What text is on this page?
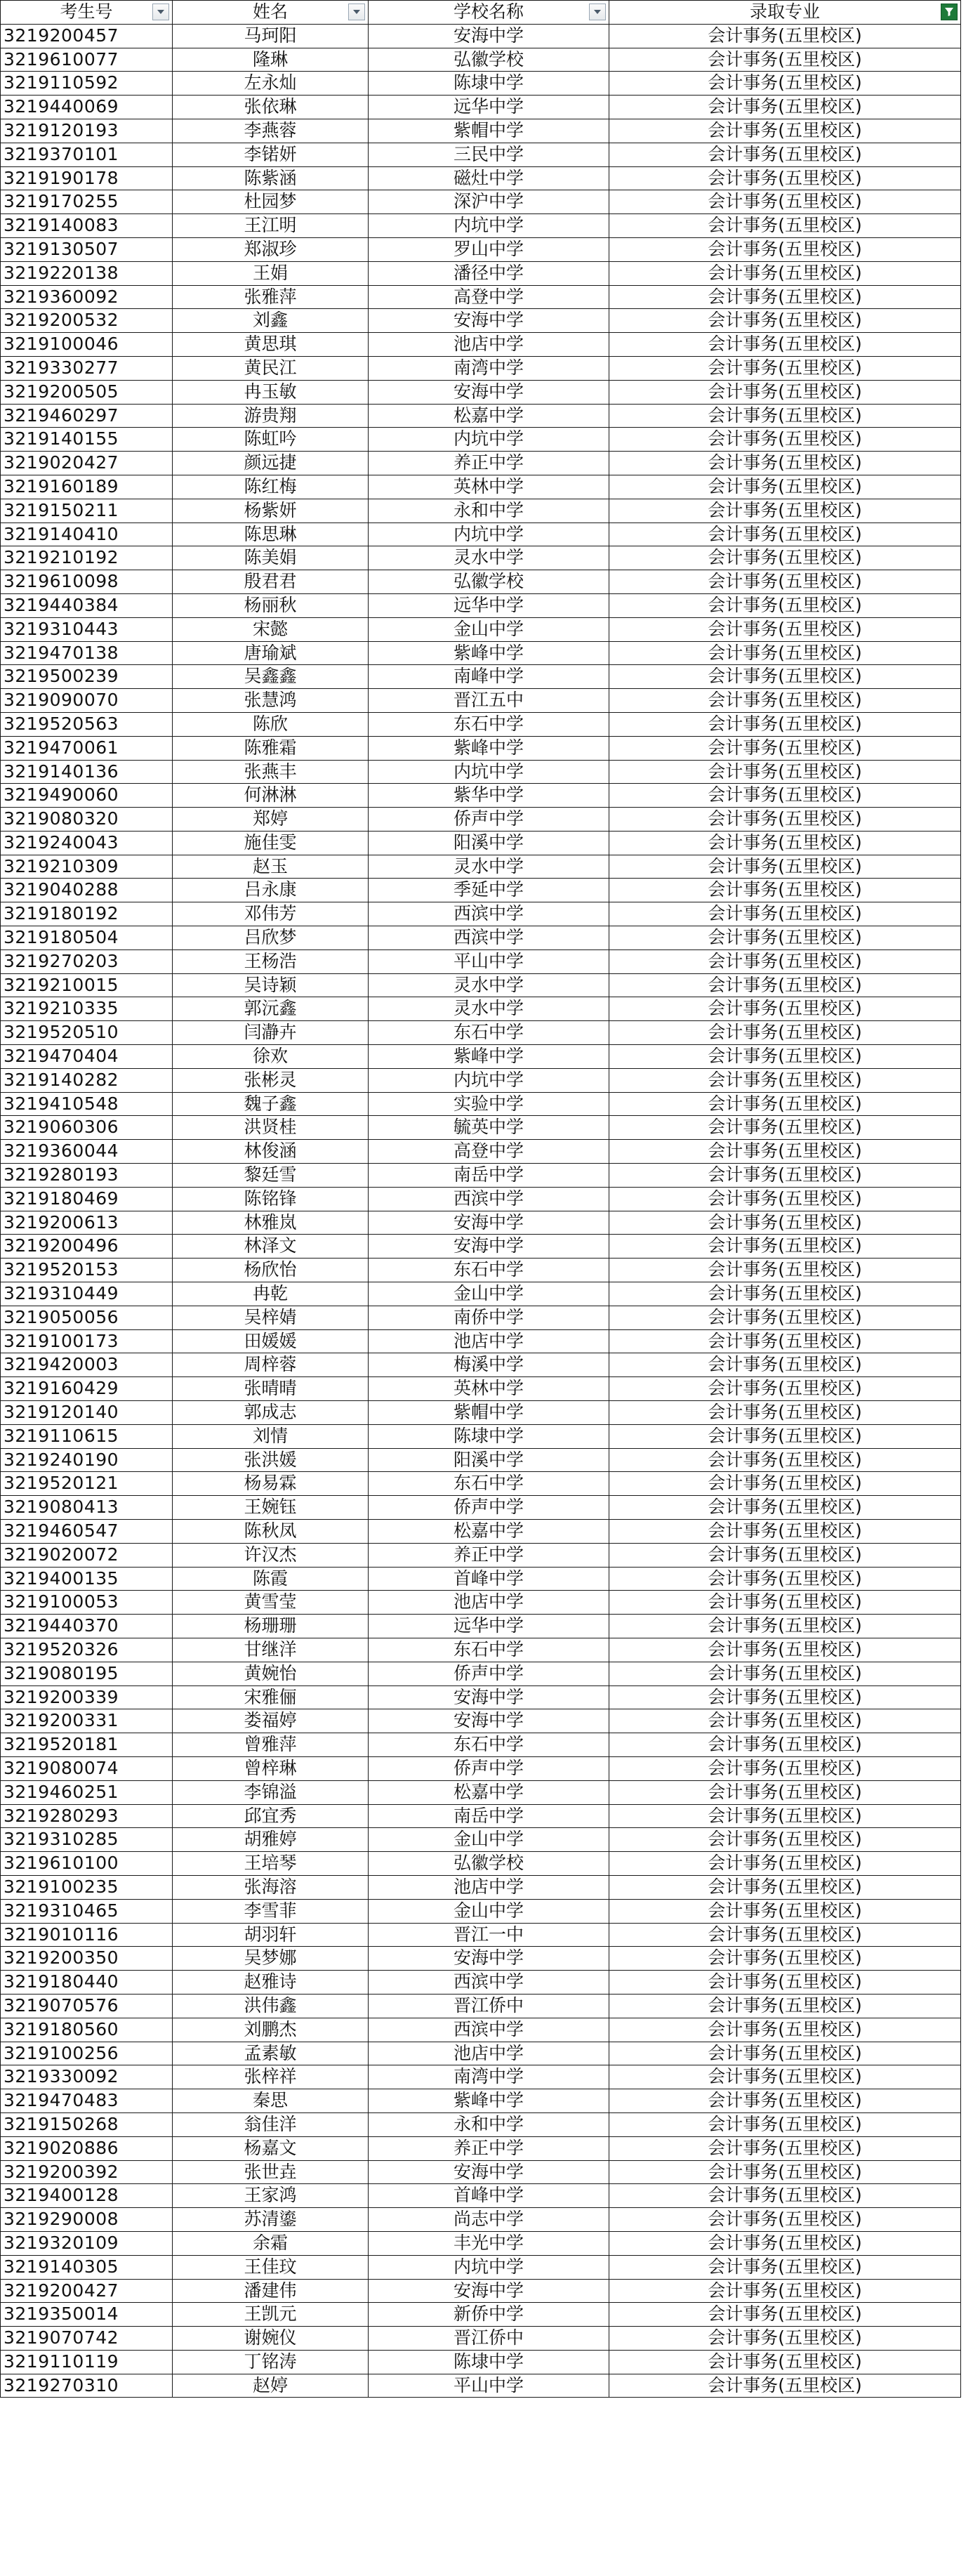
考生号	姓名	学校名称	录取专业

3219200457	马珂阳	安海中学	会计事务(五里校区)
3219610077	隆琳	弘徽学校	会计事务(五里校区)
3219110592	左永灿	陈埭中学	会计事务(五里校区)
3219440069	张依琳	远华中学	会计事务(五里校区)
3219120193	李燕蓉	紫帽中学	会计事务(五里校区)
3219370101	李锘妍	三民中学	会计事务(五里校区)
3219190178	陈紫涵	磁灶中学	会计事务(五里校区)
3219170255	杜园梦	深沪中学	会计事务(五里校区)
3219140083	王江明	内坑中学	会计事务(五里校区)
3219130507	郑淑珍	罗山中学	会计事务(五里校区)
3219220138	王娟	潘径中学	会计事务(五里校区)
3219360092	张雅萍	高登中学	会计事务(五里校区)
3219200532	刘鑫	安海中学	会计事务(五里校区)
3219100046	黄思琪	池店中学	会计事务(五里校区)
3219330277	黄民江	南湾中学	会计事务(五里校区)
3219200505	冉玉敏	安海中学	会计事务(五里校区)
3219460297	游贵翔	松嘉中学	会计事务(五里校区)
3219140155	陈虹吟	内坑中学	会计事务(五里校区)
3219020427	颜远捷	养正中学	会计事务(五里校区)
3219160189	陈红梅	英林中学	会计事务(五里校区)
3219150211	杨紫妍	永和中学	会计事务(五里校区)
3219140410	陈思琳	内坑中学	会计事务(五里校区)
3219210192	陈美娟	灵水中学	会计事务(五里校区)
3219610098	殷君君	弘徽学校	会计事务(五里校区)
3219440384	杨丽秋	远华中学	会计事务(五里校区)
3219310443	宋懿	金山中学	会计事务(五里校区)
3219470138	唐瑜斌	紫峰中学	会计事务(五里校区)
3219500239	吴鑫鑫	南峰中学	会计事务(五里校区)
3219090070	张慧鸿	晋江五中	会计事务(五里校区)
3219520563	陈欣	东石中学	会计事务(五里校区)
3219470061	陈雅霜	紫峰中学	会计事务(五里校区)
3219140136	张燕丰	内坑中学	会计事务(五里校区)
3219490060	何淋淋	紫华中学	会计事务(五里校区)
3219080320	郑婷	侨声中学	会计事务(五里校区)
3219240043	施佳雯	阳溪中学	会计事务(五里校区)
3219210309	赵玉	灵水中学	会计事务(五里校区)
3219040288	吕永康	季延中学	会计事务(五里校区)
3219180192	邓伟芳	西滨中学	会计事务(五里校区)
3219180504	吕欣梦	西滨中学	会计事务(五里校区)
3219270203	王杨浩	平山中学	会计事务(五里校区)
3219210015	吴诗颖	灵水中学	会计事务(五里校区)
3219210335	郭沅鑫	灵水中学	会计事务(五里校区)
3219520510	闫瀞卉	东石中学	会计事务(五里校区)
3219470404	徐欢	紫峰中学	会计事务(五里校区)
3219140282	张彬灵	内坑中学	会计事务(五里校区)
3219410548	魏子鑫	实验中学	会计事务(五里校区)
3219060306	洪贤桂	毓英中学	会计事务(五里校区)
3219360044	林俊涵	高登中学	会计事务(五里校区)
3219280193	黎廷雪	南岳中学	会计事务(五里校区)
3219180469	陈铭锋	西滨中学	会计事务(五里校区)
3219200613	林雅岚	安海中学	会计事务(五里校区)
3219200496	林泽文	安海中学	会计事务(五里校区)
3219520153	杨欣怡	东石中学	会计事务(五里校区)
3219310449	冉乾	金山中学	会计事务(五里校区)
3219050056	吴梓婧	南侨中学	会计事务(五里校区)
3219100173	田媛媛	池店中学	会计事务(五里校区)
3219420003	周梓蓉	梅溪中学	会计事务(五里校区)
3219160429	张晴晴	英林中学	会计事务(五里校区)
3219120140	郭成志	紫帽中学	会计事务(五里校区)
3219110615	刘情	陈埭中学	会计事务(五里校区)
3219240190	张洪媛	阳溪中学	会计事务(五里校区)
3219520121	杨易霖	东石中学	会计事务(五里校区)
3219080413	王婉钰	侨声中学	会计事务(五里校区)
3219460547	陈秋凤	松嘉中学	会计事务(五里校区)
3219020072	许汉杰	养正中学	会计事务(五里校区)
3219400135	陈霞	首峰中学	会计事务(五里校区)
3219100053	黄雪莹	池店中学	会计事务(五里校区)
3219440370	杨珊珊	远华中学	会计事务(五里校区)
3219520326	甘继洋	东石中学	会计事务(五里校区)
3219080195	黄婉怡	侨声中学	会计事务(五里校区)
3219200339	宋雅俪	安海中学	会计事务(五里校区)
3219200331	娄福婷	安海中学	会计事务(五里校区)
3219520181	曾雅萍	东石中学	会计事务(五里校区)
3219080074	曾梓琳	侨声中学	会计事务(五里校区)
3219460251	李锦溢	松嘉中学	会计事务(五里校区)
3219280293	邱宜秀	南岳中学	会计事务(五里校区)
3219310285	胡雅婷	金山中学	会计事务(五里校区)
3219610100	王培琴	弘徽学校	会计事务(五里校区)
3219100235	张海溶	池店中学	会计事务(五里校区)
3219310465	李雪菲	金山中学	会计事务(五里校区)
3219010116	胡羽轩	晋江一中	会计事务(五里校区)
3219200350	吴梦娜	安海中学	会计事务(五里校区)
3219180440	赵雅诗	西滨中学	会计事务(五里校区)
3219070576	洪伟鑫	晋江侨中	会计事务(五里校区)
3219180560	刘鹏杰	西滨中学	会计事务(五里校区)
3219100256	孟素敏	池店中学	会计事务(五里校区)
3219330092	张梓祥	南湾中学	会计事务(五里校区)
3219470483	秦思	紫峰中学	会计事务(五里校区)
3219150268	翁佳洋	永和中学	会计事务(五里校区)
3219020886	杨嘉文	养正中学	会计事务(五里校区)
3219200392	张世垚	安海中学	会计事务(五里校区)
3219400128	王家鸿	首峰中学	会计事务(五里校区)
3219290008	苏清鎏	尚志中学	会计事务(五里校区)
3219320109	余霜	丰光中学	会计事务(五里校区)
3219140305	王佳玟	内坑中学	会计事务(五里校区)
3219200427	潘建伟	安海中学	会计事务(五里校区)
3219350014	王凯元	新侨中学	会计事务(五里校区)
3219070742	谢婉仪	晋江侨中	会计事务(五里校区)
3219110119	丁铭涛	陈埭中学	会计事务(五里校区)
3219270310	赵婷	平山中学	会计事务(五里校区)
